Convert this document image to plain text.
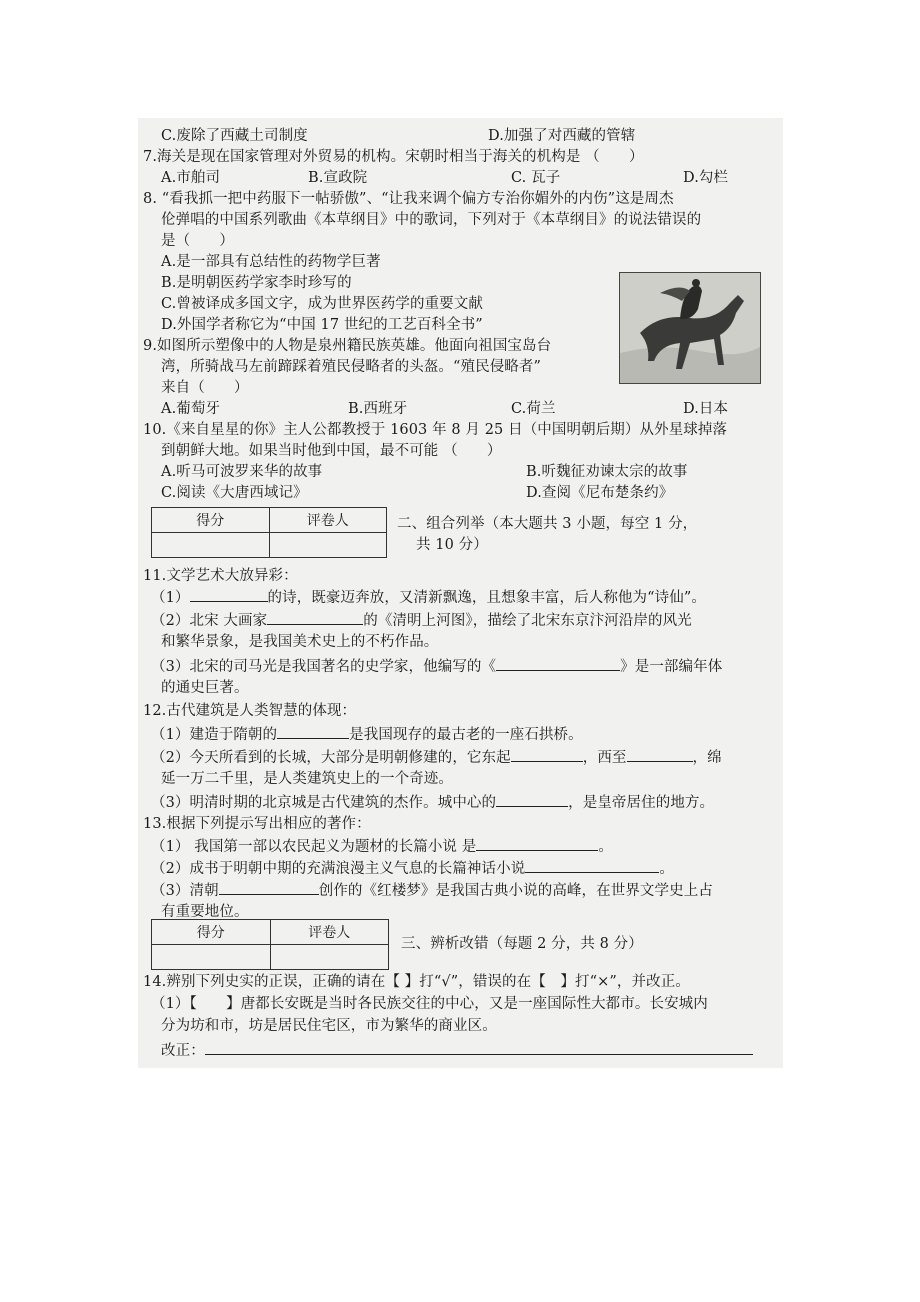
C.废除了西藏土司制度	D.加强了对西藏的管辖
7.海关是现在国家管理对外贸易的机构。宋朝时相当于海关的机构是 （　　）
A.市舶司	B.宣政院	C. 瓦子	D.勾栏
8. “看我抓一把中药服下一帖骄傲”、“让我来调个偏方专治你媚外的内伤”这是周杰
伦弹唱的中国系列歌曲《本草纲目》中的歌词，下列对于《本草纲目》的说法错误的
是（　　）
A.是一部具有总结性的药物学巨著
B.是明朝医药学家李时珍写的
C.曾被译成多国文字，成为世界医药学的重要文献
D.外国学者称它为“中国 17 世纪的工艺百科全书”
9.如图所示塑像中的人物是泉州籍民族英雄。他面向祖国宝岛台
湾，所骑战马左前蹄踩着殖民侵略者的头盔。“殖民侵略者”
来自（　　）
A.葡萄牙	B.西班牙	C.荷兰	D.日本
10.《来自星星的你》主人公都教授于 1603 年 8 月 25 日（中国明朝后期）从外星球掉落
到朝鲜大地。如果当时他到中国，最不可能 （　　）
A.听马可波罗来华的故事	B.听魏征劝谏太宗的故事
C.阅读《大唐西域记》	D.查阅《尼布楚条约》
得分	评卷人
		二、组合列举（本大题共 3 小题，每空 1 分，
共 10 分）
11.文学艺术大放异彩：
（1）	的诗，既豪迈奔放，又清新飘逸，且想象丰富，后人称他为“诗仙”。
（2）北宋 大画家	的《清明上河图》，描绘了北宋东京汴河沿岸的风光
和繁华景象，是我国美术史上的不朽作品。
（3）北宋的司马光是我国著名的史学家，他编写的《	》是一部编年体
的通史巨著。
12.古代建筑是人类智慧的体现：
（1）建造于隋朝的	是我国现存的最古老的一座石拱桥。
（2）今天所看到的长城，大部分是明朝修建的，它东起	，西至	，绵
延一万二千里，是人类建筑史上的一个奇迹。
（3）明清时期的北京城是古代建筑的杰作。城中心的	，是皇帝居住的地方。
13.根据下列提示写出相应的著作：
（1） 我国第一部以农民起义为题材的长篇小说 是	。
（2）成书于明朝中期的充满浪漫主义气息的长篇神话小说	。
（3）清朝	创作的《红楼梦》是我国古典小说的高峰，在世界文学史上占
有重要地位。
得分	评卷人

三、辨析改错（每题 2 分，共 8 分）
14.辨别下列史实的正误，正确的请在【 】打“√”，错误的在【　】打“×”，并改正。
（1）【　　】唐都长安既是当时各民族交往的中心，又是一座国际性大都市。长安城内
分为坊和市，坊是居民住宅区，市为繁华的商业区。
改正：
